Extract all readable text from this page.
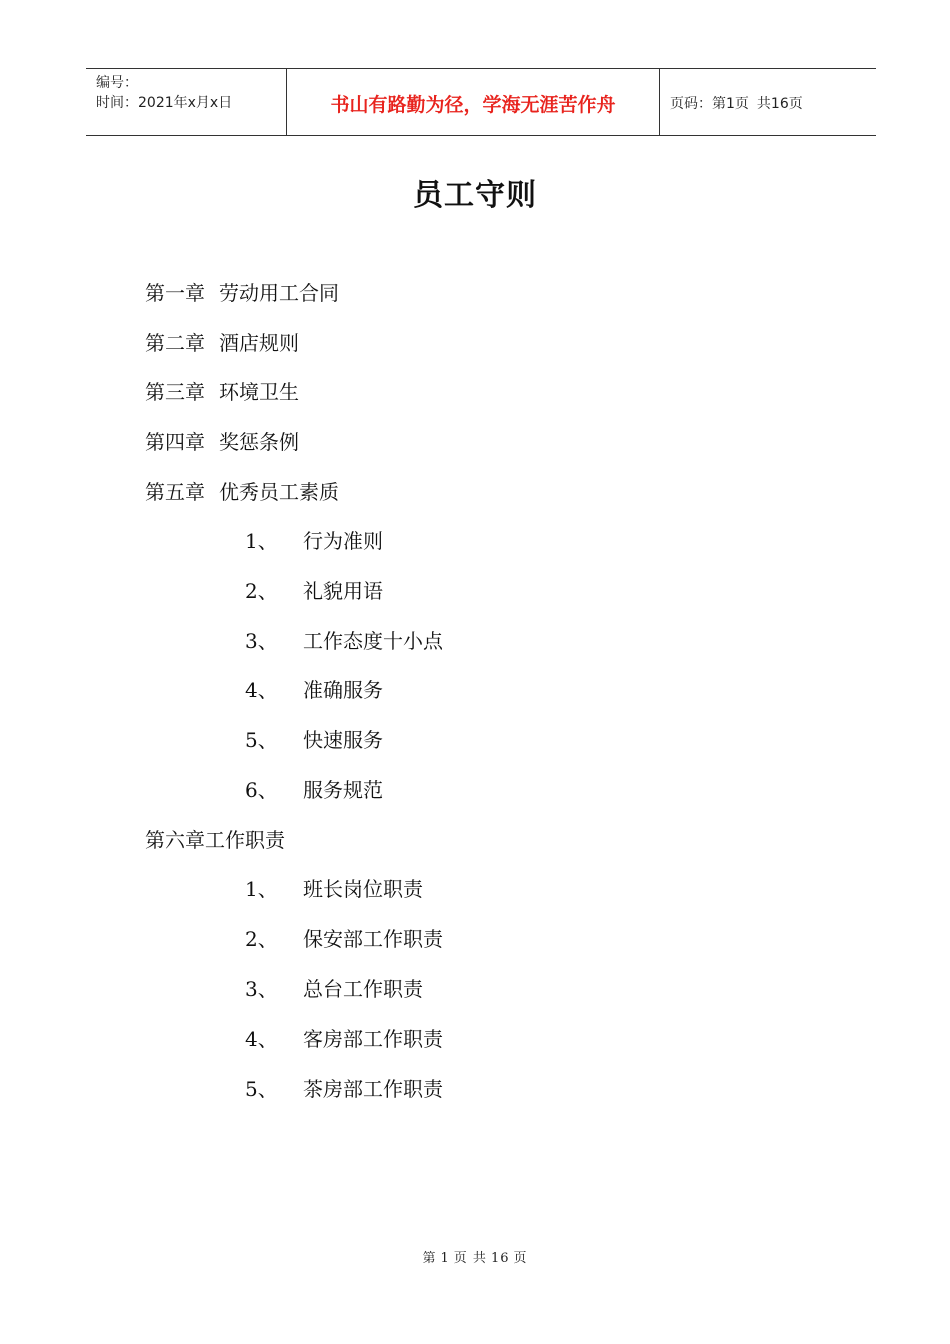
编号：
时间：2021年x月x日	书山有路勤为径，学海无涯苦作舟	页码：第1页 共16页
员工守则
第一章 劳动用工合同
第二章 酒店规则
第三章 环境卫生
第四章 奖惩条例
第五章 优秀员工素质
1、 行为准则
2、 礼貌用语
3、 工作态度十小点
4、 准确服务
5、 快速服务
6、 服务规范
第六章工作职责
1、 班长岗位职责
2、 保安部工作职责
3、 总台工作职责
4、 客房部工作职责
5、 茶房部工作职责
第 1 页 共 16 页
